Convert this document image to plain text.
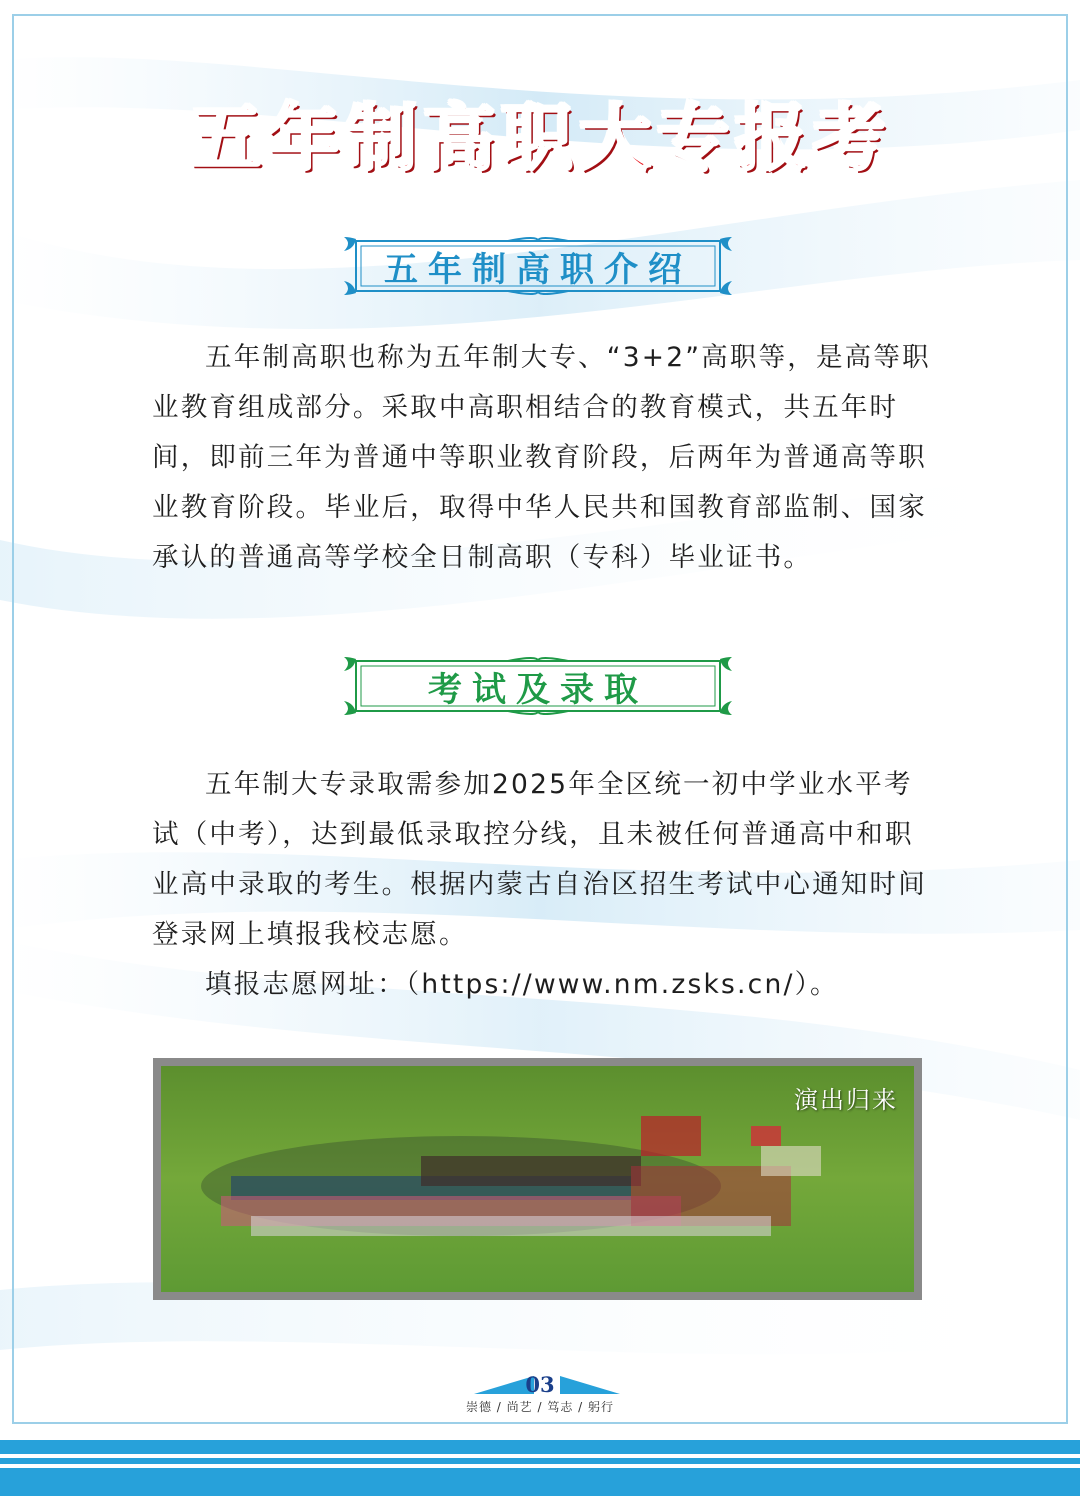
五年制高职大专报考
五年制高职介绍

五年制高职也称为五年制大专、“3+2”高职等，是高等职业教育组成部分。采取中高职相结合的教育模式，共五年时间，即前三年为普通中等职业教育阶段，后两年为普通高等职业教育阶段。毕业后，取得中华人民共和国教育部监制、国家承认的普通高等学校全日制高职（专科）毕业证书。

考试及录取

五年制大专录取需参加2025年全区统一初中学业水平考试（中考），达到最低录取控分线，且未被任何普通高中和职业高中录取的考生。根据内蒙古自治区招生考试中心通知时间登录网上填报我校志愿。

填报志愿网址：（https://www.nm.zsks.cn/）。

演出归来
03
崇德 / 尚艺 / 笃志 / 躬行
